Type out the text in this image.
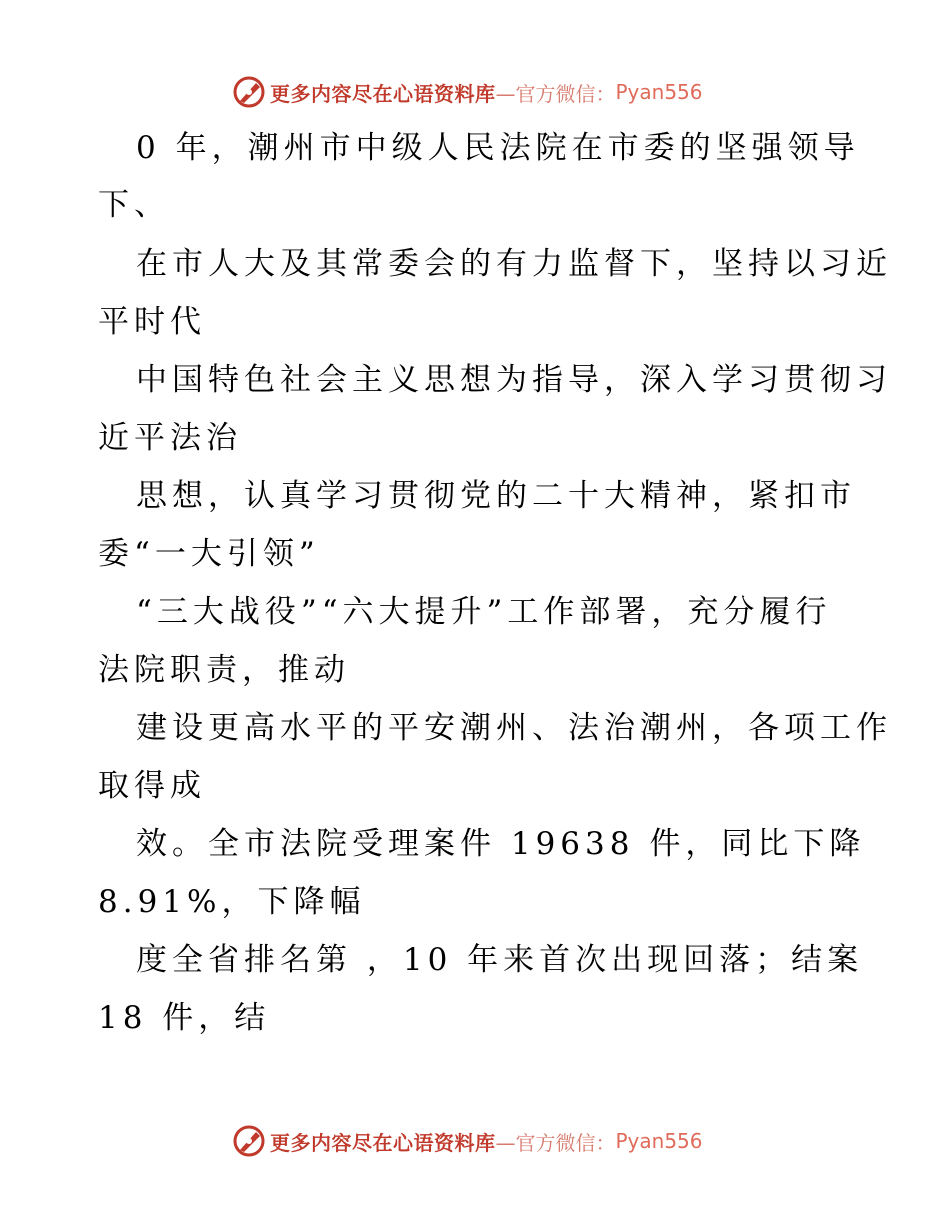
更多内容尽在心语资料库 —官方微信： Pyan556
0 年，潮州市中级人民法院在市委的坚强领导
下、
在市人大及其常委会的有力监督下，坚持以习近
平时代
中国特色社会主义思想为指导，深入学习贯彻习
近平法治
思想，认真学习贯彻党的二十大精神，紧扣市
委“一大引领”
“三大战役”“六大提升”工作部署，充分履行
法院职责，推动
建设更高水平的平安潮州、法治潮州，各项工作
取得成
效。全市法院受理案件 19638 件，同比下降
8.91%，下降幅
度全省排名第 ，10 年来首次出现回落；结案
18 件，结
更多内容尽在心语资料库 —官方微信： Pyan556
